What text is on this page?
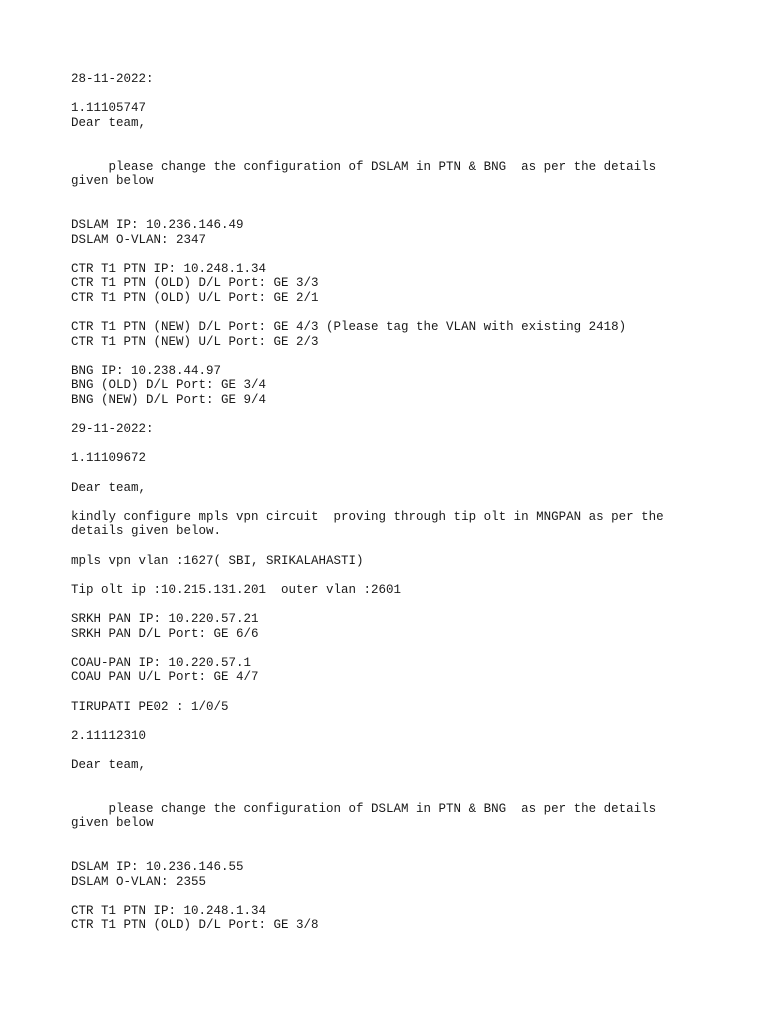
28-11-2022:
1.11105747
Dear team,
please change the configuration of DSLAM in PTN & BNG  as per the details
given below
DSLAM IP: 10.236.146.49
DSLAM O-VLAN: 2347
CTR T1 PTN IP: 10.248.1.34
CTR T1 PTN (OLD) D/L Port: GE 3/3
CTR T1 PTN (OLD) U/L Port: GE 2/1
CTR T1 PTN (NEW) D/L Port: GE 4/3 (Please tag the VLAN with existing 2418)
CTR T1 PTN (NEW) U/L Port: GE 2/3
BNG IP: 10.238.44.97
BNG (OLD) D/L Port: GE 3/4
BNG (NEW) D/L Port: GE 9/4
29-11-2022:
1.11109672
Dear team,
kindly configure mpls vpn circuit  proving through tip olt in MNGPAN as per the
details given below.
mpls vpn vlan :1627( SBI, SRIKALAHASTI)
Tip olt ip :10.215.131.201  outer vlan :2601
SRKH PAN IP: 10.220.57.21
SRKH PAN D/L Port: GE 6/6
COAU-PAN IP: 10.220.57.1
COAU PAN U/L Port: GE 4/7
TIRUPATI PE02 : 1/0/5
2.11112310
Dear team,
please change the configuration of DSLAM in PTN & BNG  as per the details
given below
DSLAM IP: 10.236.146.55
DSLAM O-VLAN: 2355
CTR T1 PTN IP: 10.248.1.34
CTR T1 PTN (OLD) D/L Port: GE 3/8
